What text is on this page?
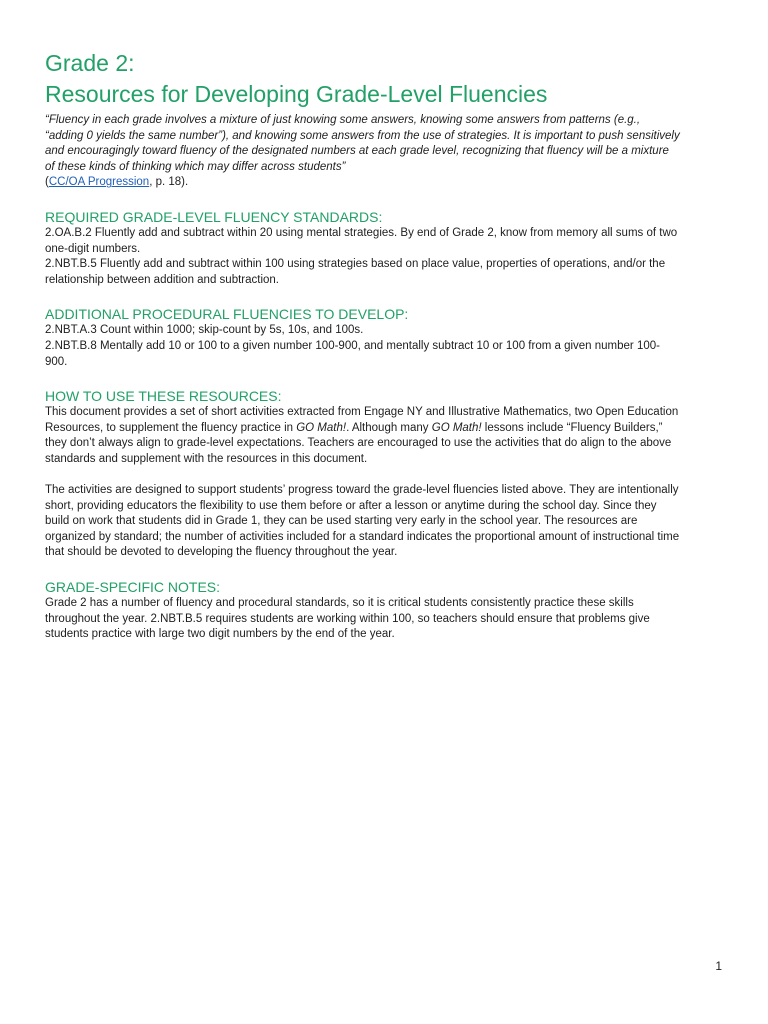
Grade 2:
Resources for Developing Grade-Level Fluencies

“Fluency in each grade involves a mixture of just knowing some answers, knowing some answers from patterns (e.g., “adding 0 yields the same number”), and knowing some answers from the use of strategies. It is important to push sensitively and encouragingly toward fluency of the designated numbers at each grade level, recognizing that fluency will be a mixture of these kinds of thinking which may differ across students”
(CC/OA Progression, p. 18).

REQUIRED GRADE-LEVEL FLUENCY STANDARDS:

2.OA.B.2 Fluently add and subtract within 20 using mental strategies. By end of Grade 2, know from memory all sums of two one-digit numbers.

2.NBT.B.5 Fluently add and subtract within 100 using strategies based on place value, properties of operations, and/or the relationship between addition and subtraction.

ADDITIONAL PROCEDURAL FLUENCIES TO DEVELOP:

2.NBT.A.3 Count within 1000; skip-count by 5s, 10s, and 100s.

2.NBT.B.8 Mentally add 10 or 100 to a given number 100-900, and mentally subtract 10 or 100 from a given number 100-900.

HOW TO USE THESE RESOURCES:

This document provides a set of short activities extracted from Engage NY and Illustrative Mathematics, two Open Education Resources, to supplement the fluency practice in GO Math!. Although many GO Math! lessons include “Fluency Builders,” they don’t always align to grade-level expectations. Teachers are encouraged to use the activities that do align to the above standards and supplement with the resources in this document.

The activities are designed to support students’ progress toward the grade-level fluencies listed above. They are intentionally short, providing educators the flexibility to use them before or after a lesson or anytime during the school day. Since they build on work that students did in Grade 1, they can be used starting very early in the school year. The resources are organized by standard; the number of activities included for a standard indicates the proportional amount of instructional time that should be devoted to developing the fluency throughout the year.

GRADE-SPECIFIC NOTES:

Grade 2 has a number of fluency and procedural standards, so it is critical students consistently practice these skills throughout the year. 2.NBT.B.5 requires students are working within 100, so teachers should ensure that problems give students practice with large two digit numbers by the end of the year.

1
